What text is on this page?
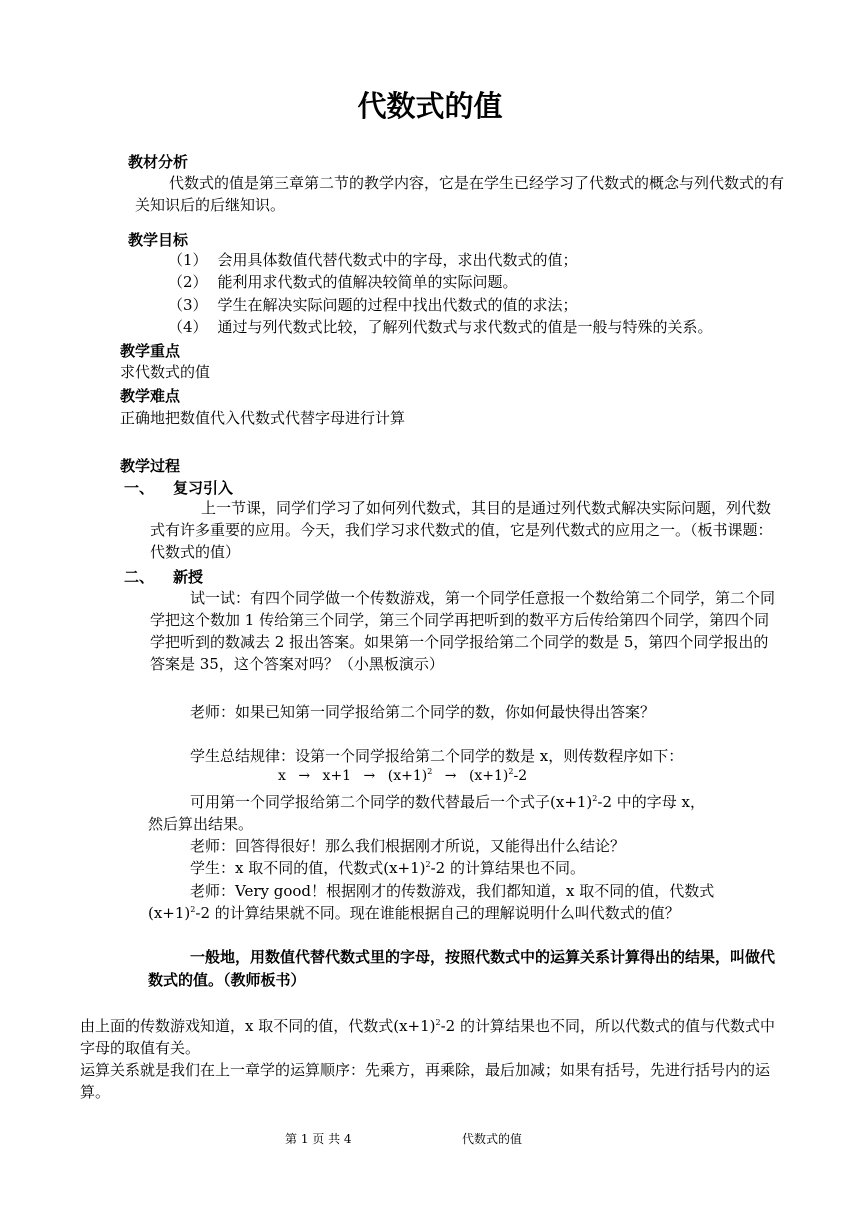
代数式的值
教材分析
代数式的值是第三章第二节的教学内容，它是在学生已经学习了代数式的概念与列代数式的有关知识后的后继知识。
教学目标
（1） 会用具体数值代替代数式中的字母，求出代数式的值；
（2） 能利用求代数式的值解决较简单的实际问题。
（3） 学生在解决实际问题的过程中找出代数式的值的求法；
（4） 通过与列代数式比较，了解列代数式与求代数式的值是一般与特殊的关系。
教学重点
求代数式的值
教学难点
正确地把数值代入代数式代替字母进行计算
教学过程
一、 复习引入
上一节课，同学们学习了如何列代数式，其目的是通过列代数式解决实际问题，列代数式有许多重要的应用。今天，我们学习求代数式的值，它是列代数式的应用之一。（板书课题：代数式的值）
二、 新授
试一试：有四个同学做一个传数游戏，第一个同学任意报一个数给第二个同学，第二个同学把这个数加 1 传给第三个同学，第三个同学再把听到的数平方后传给第四个同学，第四个同学把听到的数减去 2 报出答案。如果第一个同学报给第二个同学的数是 5，第四个同学报出的答案是 35，这个答案对吗？（小黑板演示）
老师：如果已知第一同学报给第二个同学的数，你如何最快得出答案？
学生总结规律：设第一个同学报给第二个同学的数是 x，则传数程序如下：
$x \to x+1 \to (x+1)^2 \to (x+1)^2-2$
可用第一个同学报给第二个同学的数代替最后一个式子$(x+1)^2-2$ 中的字母 x，
然后算出结果。
老师：回答得很好！那么我们根据刚才所说，又能得出什么结论？
学生：x 取不同的值，代数式$(x+1)^2-2$ 的计算结果也不同。
老师：Very good！根据刚才的传数游戏，我们都知道，x 取不同的值，代数式
$(x+1)^2-2$ 的计算结果就不同。现在谁能根据自己的理解说明什么叫代数式的值？
一般地，用数值代替代数式里的字母，按照代数式中的运算关系计算得出的结果，叫做代数式的值。（教师板书）
由上面的传数游戏知道，x 取不同的值，代数式$(x+1)^2-2$ 的计算结果也不同，所以代数式的值与代数式中字母的取值有关。
运算关系就是我们在上一章学的运算顺序：先乘方，再乘除，最后加减；如果有括号，先进行括号内的运算。
第 1 页 共 4	代数式的值
